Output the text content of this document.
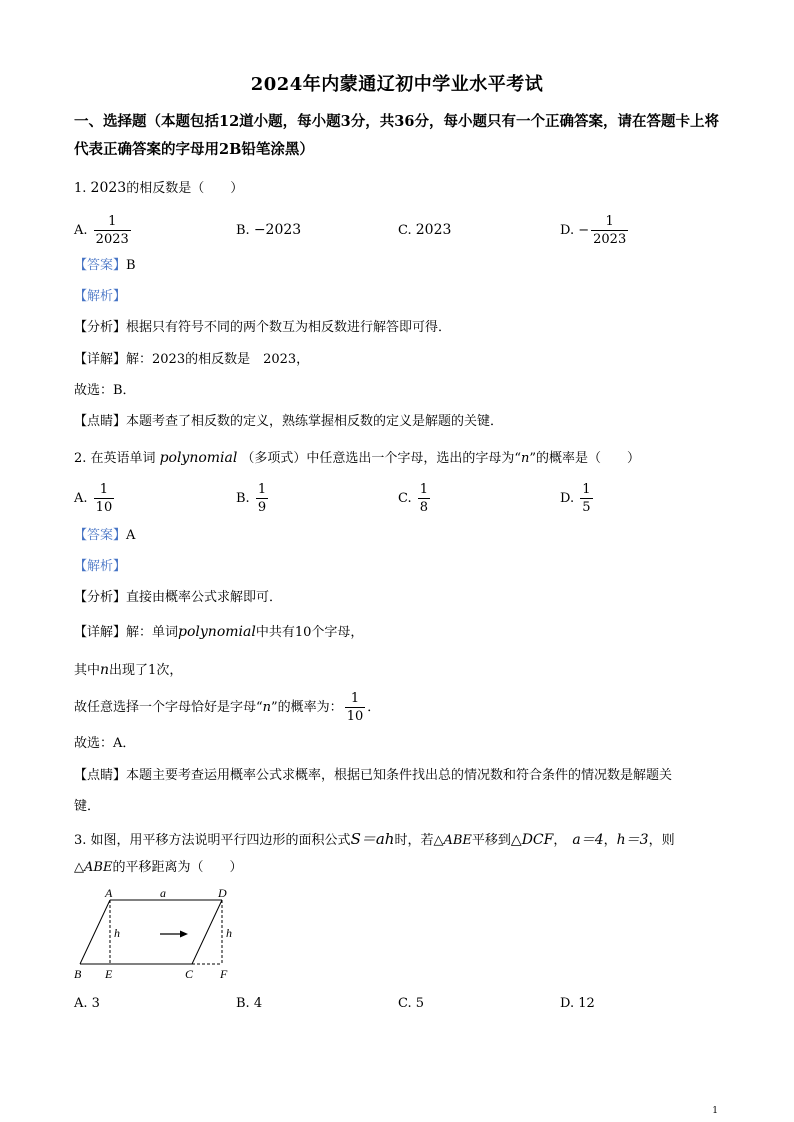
2024年内蒙通辽初中学业水平考试
一、选择题（本题包括12道小题，每小题3分，共36分，每小题只有一个正确答案，请在答题卡上将代表正确答案的字母用2B铅笔涂黑）
1. 2023的相反数是（　　）
A. $\frac{1}{2023}$	B. −2023	C. 2023	D. − $\frac{1}{2023}$
【答案】B
【解析】
【分析】根据只有符号不同的两个数互为相反数进行解答即可得．
【详解】解：2023的相反数是　2023，
故选：B．
【点睛】本题考查了相反数的定义，熟练掌握相反数的定义是解题的关键．
2. 在英语单词 polynomial （多项式）中任意选出一个字母，选出的字母为“n”的概率是（　　）
A. $\frac{1}{10}$	B. $\frac{1}{9}$	C. $\frac{1}{8}$	D. $\frac{1}{5}$
【答案】A
【解析】
【分析】直接由概率公式求解即可．
【详解】解：单词polynomial中共有10个字母，
其中n出现了1次，
故任意选择一个字母恰好是字母“n”的概率为： $\frac{1}{10}$ ．
故选：A．
【点睛】本题主要考查运用概率公式求概率，根据已知条件找出总的情况数和符合条件的情况数是解题关
键．
3. 如图，用平移方法说明平行四边形的面积公式S＝ah时，若△ABE平移到△DCF， a＝4，h＝3，则
△ABE的平移距离为（　　）
A	a	D
h	h
B E	C F
A. 3	B. 4	C. 5	D. 12
1
